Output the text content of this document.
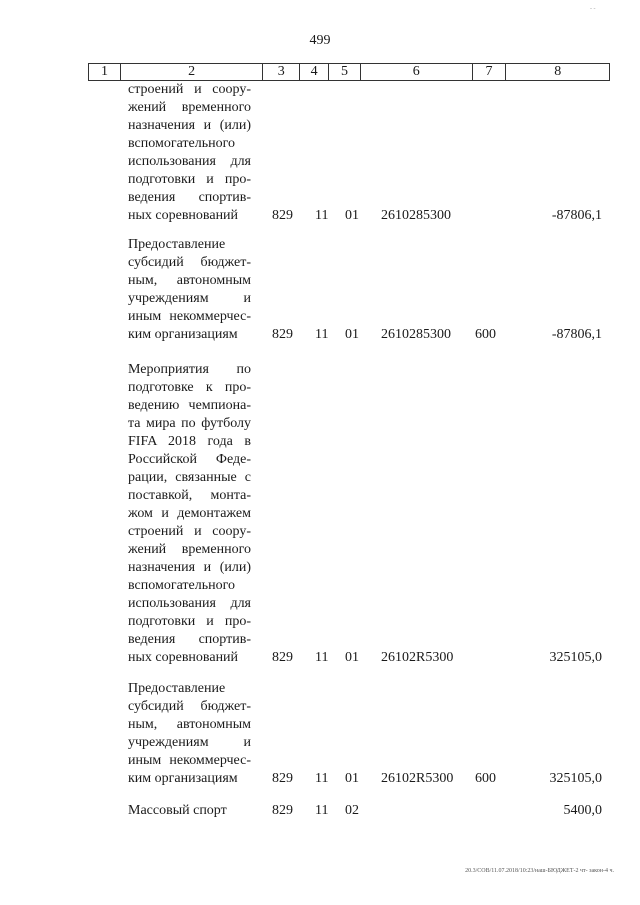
499
- -
1	2	3	4	5	6	7	8
строений и соору-
жений временного
назначения и (или)
вспомогательного
использования для
подготовки и про-
ведения спортив-
ных соревнований	829 11 01 2610285300	-87806,1
Предоставление
субсидий бюджет-
ным, автономным
учреждениям и
иным некоммерчес-
ким организациям	829 11 01 2610285300 600	-87806,1
Мероприятия по
подготовке к про-
ведению чемпиона-
та мира по футболу
FIFA 2018 года в
Российской Феде-
рации, связанные с
поставкой, монта-
жом и демонтажем
строений и соору-
жений временного
назначения и (или)
вспомогательного
использования для
подготовки и про-
ведения спортив-
ных соревнований	829 11 01 26102R5300	325105,0
Предоставление
субсидий бюджет-
ным, автономным
учреждениям и
иным некоммерчес-
ким организациям	829 11 01 26102R5300 600	325105,0
Массовый спорт	829 11 02	5400,0
20.3/СОВ/11.07.2018/10:23/наш-БЮДЖЕТ-2 чт- закон-4 ч.
